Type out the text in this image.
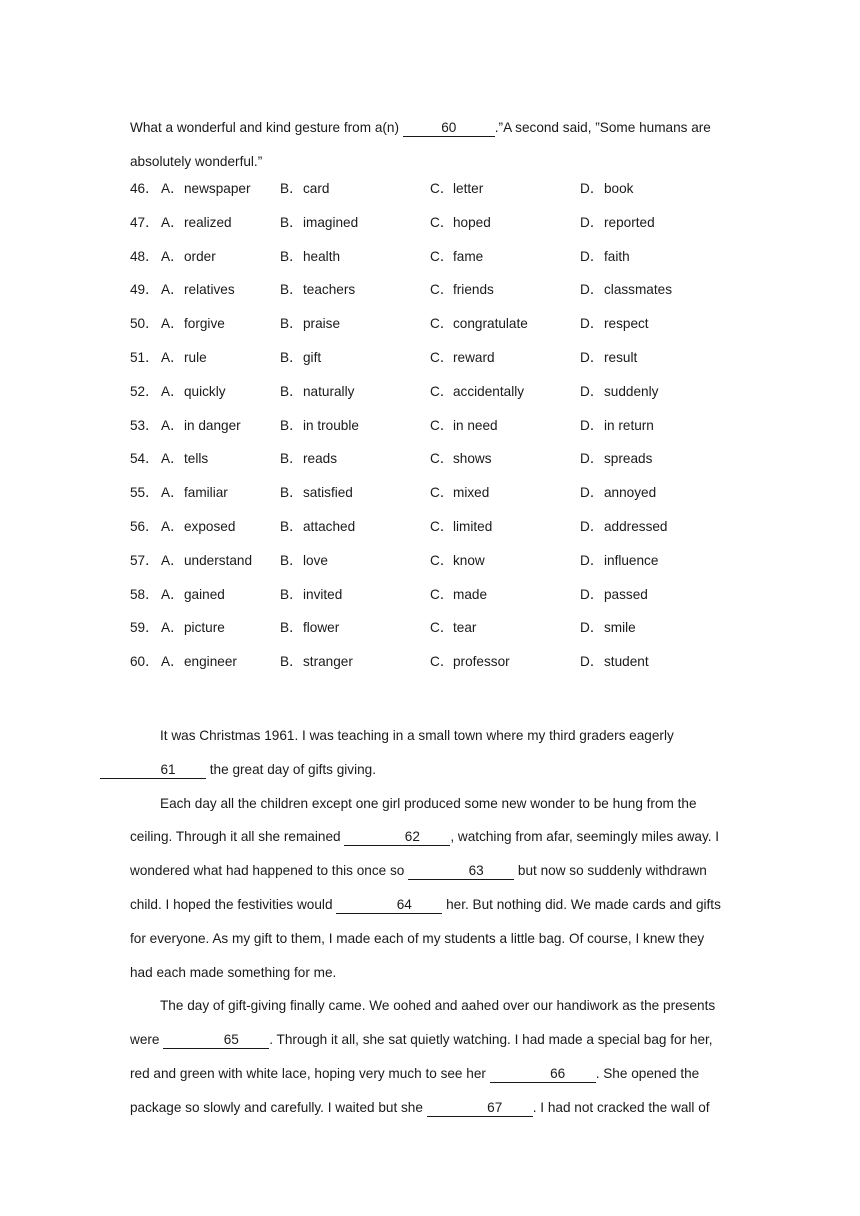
What a wonderful and kind gesture from a(n)	60	.”A second said, ”Some humans are
absolutely wonderful.”
46． A． newspaper B． card	C． letter	D． book
47． A． realized	B． imagined	C． hoped	D． reported
48． A． order	B． health	C． fame	D． faith
49． A． relatives	B． teachers	C． friends	D． classmates
50． A． forgive	B． praise	C． congratulate	D． respect
51． A． rule	B． gift	C． reward	D． result
52． A． quickly	B． naturally	C． accidentally	D． suddenly
53． A． in danger	B． in trouble	C． in need	D． in return
54． A． tells	B． reads	C． shows	D． spreads
55． A． familiar	B． satisfied	C． mixed	D． annoyed
56． A． exposed	B． attached	C． limited	D． addressed
57． A． understand B． love	C． know	D． influence
58． A． gained	B． invited	C． made	D． passed
59． A． picture	B． flower	C． tear	D． smile
60． A． engineer	B． stranger	C． professor	D． student

It was Christmas 1961. I was teaching in a small town where my third graders eagerly
61 the great day of gifts giving.

Each day all the children except one girl produced some new wonder to be hung from the ceiling. Through it all she remained	62 , watching from afar, seemingly miles away. I wondered what had happened to this once so	63 but now so suddenly withdrawn child. I hoped the festivities would	64 her. But nothing did. We made cards and gifts for everyone. As my gift to them, I made each of my students a little bag. Of course, I knew they had each made something for me.

The day of gift-giving finally came. We oohed and aahed over our handiwork as the presents were	65 . Through it all, she sat quietly watching. I had made a special bag for her, red and green with white lace, hoping very much to see her	66 . She opened the package so slowly and carefully. I waited but she	67 . I had not cracked the wall of
